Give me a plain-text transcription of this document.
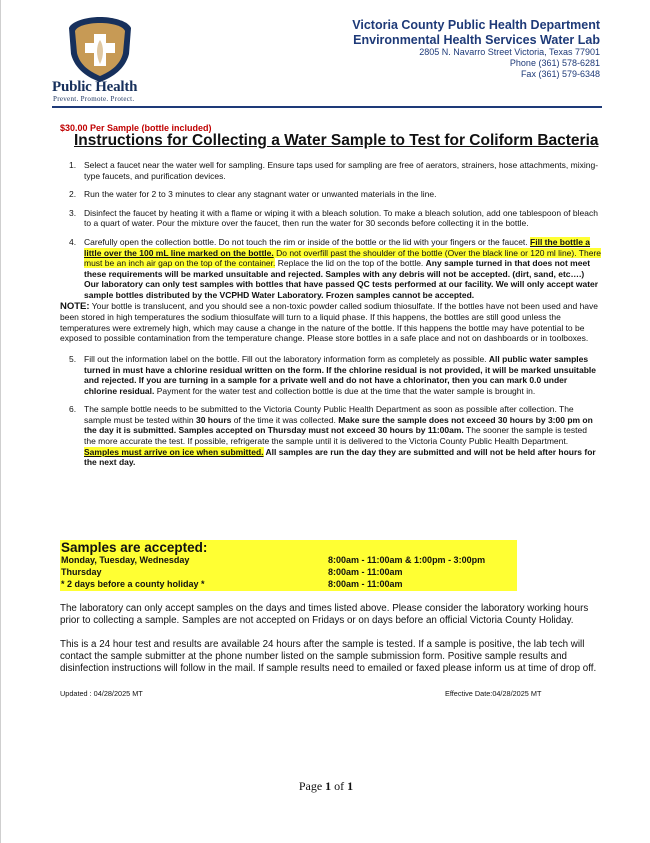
Public Health
Prevent. Promote. Protect.
Victoria County Public Health Department
Environmental Health Services Water Lab
2805 N. Navarro Street Victoria, Texas 77901
Phone (361) 578-6281
Fax (361) 579-6348
$30.00 Per Sample (bottle included)
Instructions for Collecting a Water Sample to Test for Coliform Bacteria
1. Select a faucet near the water well for sampling. Ensure taps used for sampling are free of aerators, strainers, hose attachments, mixing-type faucets, and purification devices.
2. Run the water for 2 to 3 minutes to clear any stagnant water or unwanted materials in the line.
3. Disinfect the faucet by heating it with a flame or wiping it with a bleach solution. To make a bleach solution, add one tablespoon of bleach to a quart of water. Pour the mixture over the faucet, then run the water for 30 seconds before collecting it in the bottle.
4. Carefully open the collection bottle. Do not touch the rim or inside of the bottle or the lid with your fingers or the faucet. Fill the bottle a little over the 100 mL line marked on the bottle. Do not overfill past the shoulder of the bottle (Over the black line or 120 ml line). There must be an inch air gap on the top of the container. Replace the lid on the top of the bottle. Any sample turned in that does not meet these requirements will be marked unsuitable and rejected. Samples with any debris will not be accepted. (dirt, sand, etc….) Our laboratory can only test samples with bottles that have passed QC tests performed at our facility. We will only accept water sample bottles distributed by the VCPHD Water Laboratory. Frozen samples cannot be accepted.
NOTE: Your bottle is translucent, and you should see a non-toxic powder called sodium thiosulfate. If the bottles have not been used and have been stored in high temperatures the sodium thiosulfate will turn to a liquid phase. If this happens, the bottles are still good unless the temperatures were extremely high, which may cause a change in the nature of the bottle. If this happens the bottle may have potential to be exposed to possible contamination from the temperature change. Please store bottles in a safe place and not on dashboards or in toolboxes.
5. Fill out the information label on the bottle. Fill out the laboratory information form as completely as possible. All public water samples turned in must have a chlorine residual written on the form. If the chlorine residual is not provided, it will be marked unsuitable and rejected. If you are turning in a sample for a private well and do not have a chlorinator, then you can mark 0.0 under chlorine residual. Payment for the water test and collection bottle is due at the time that the water sample is brought in.
6. The sample bottle needs to be submitted to the Victoria County Public Health Department as soon as possible after collection. The sample must be tested within 30 hours of the time it was collected. Make sure the sample does not exceed 30 hours by 3:00 pm on the day it is submitted. Samples accepted on Thursday must not exceed 30 hours by 11:00am. The sooner the sample is tested the more accurate the test. If possible, refrigerate the sample until it is delivered to the Victoria County Public Health Department. Samples must arrive on ice when submitted. All samples are run the day they are submitted and will not be held after hours for the next day.
Samples are accepted:
Monday, Tuesday, Wednesday	8:00am - 11:00am & 1:00pm - 3:00pm
Thursday	8:00am - 11:00am
* 2 days before a county holiday *	8:00am - 11:00am
The laboratory can only accept samples on the days and times listed above. Please consider the laboratory working hours prior to collecting a sample. Samples are not accepted on Fridays or on days before an official Victoria County Holiday.
This is a 24 hour test and results are available 24 hours after the sample is tested. If a sample is positive, the lab tech will contact the sample submitter at the phone number listed on the sample submission form. Positive sample results and disinfection instructions will follow in the mail. If sample results need to emailed or faxed please inform us at time of drop off.
Updated : 04/28/2025 MT	Effective Date:04/28/2025 MT
Page 1 of 1
